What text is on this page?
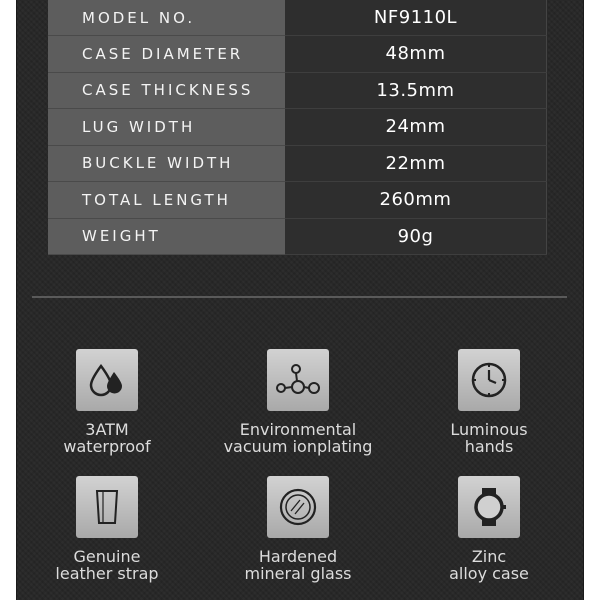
MODEL NO.	NF9110L
CASE DIAMETER	48mm
CASE THICKNESS	13.5mm
LUG WIDTH	24mm
BUCKLE WIDTH	22mm
TOTAL LENGTH	260mm
WEIGHT	90g
3ATM
waterproof
Environmental
vacuum ionplating
Luminous
hands
Genuine
leather strap
Hardened
mineral glass
Zinc
alloy case
